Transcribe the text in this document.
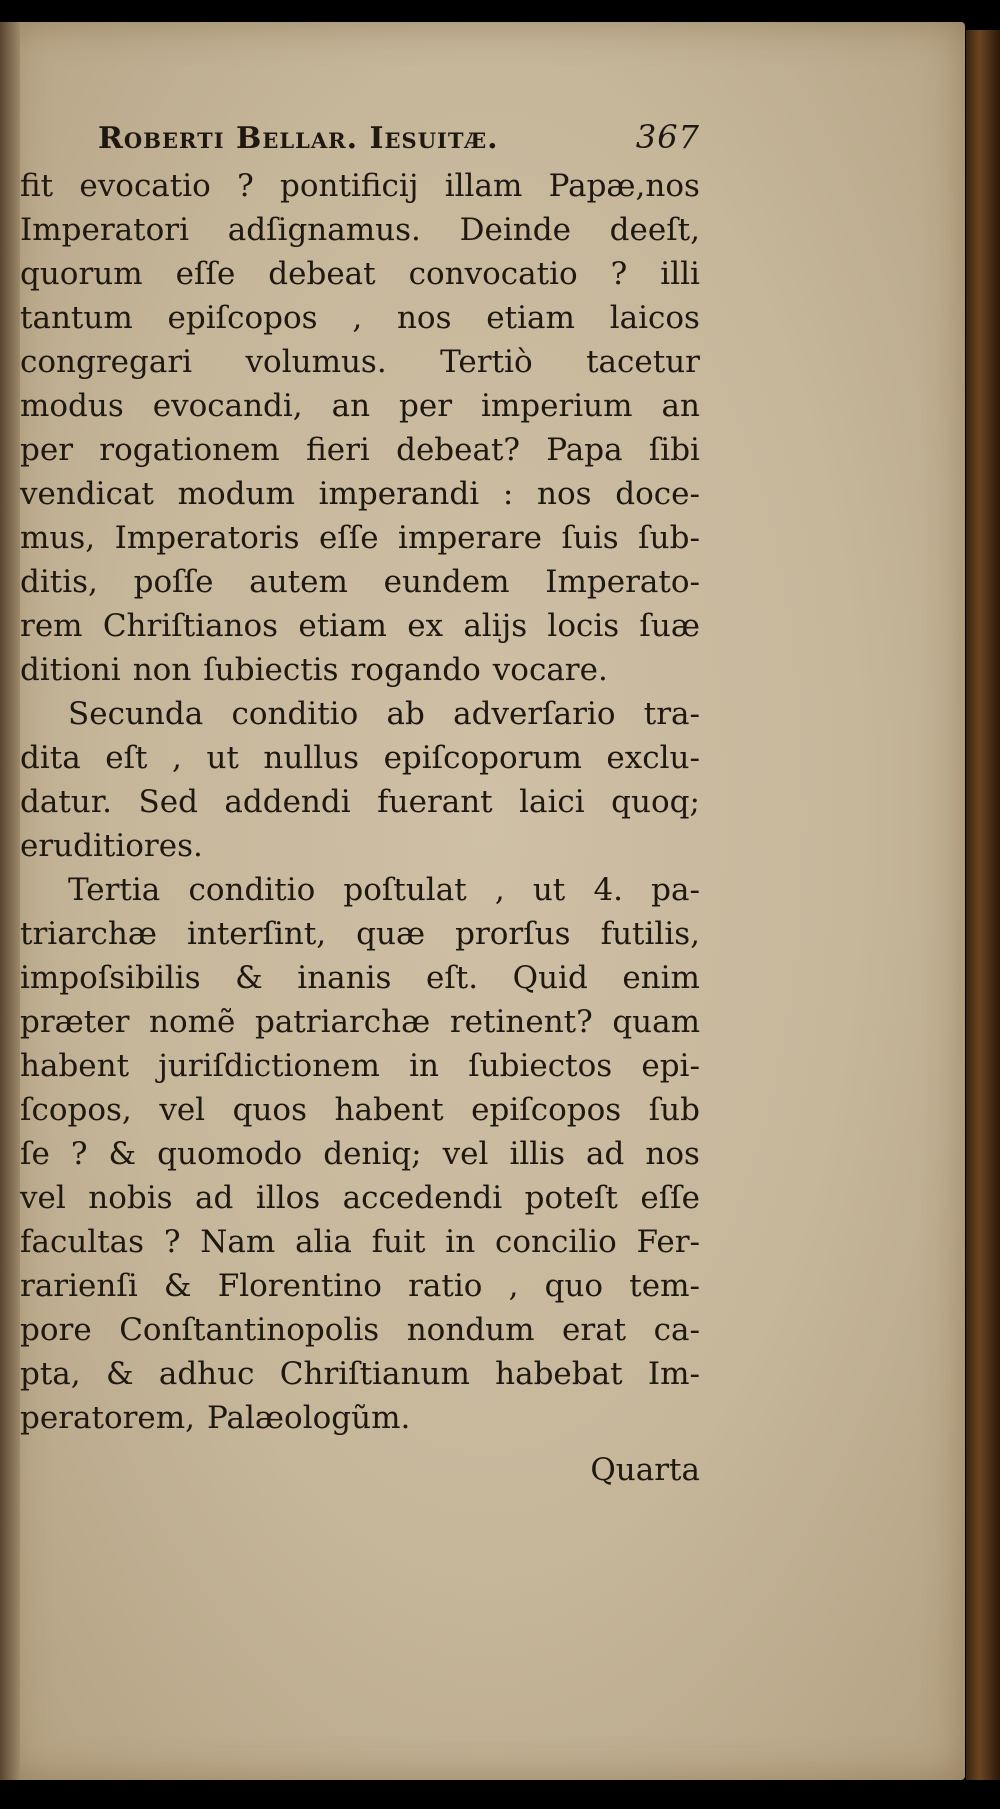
Roberti Bellar. Iesuitæ.	367
fit evocatio ? pontificij illam Papæ,nos
Imperatori adſignamus. Deinde deeſt,
quorum eſſe debeat convocatio ? illi
tantum epiſcopos , nos etiam laicos
congregari volumus. Tertiò tacetur
modus evocandi, an per imperium an
per rogationem fieri debeat? Papa ſibi
vendicat modum imperandi : nos doce-
mus, Imperatoris eſſe imperare ſuis ſub-
ditis, poſſe autem eundem Imperato-
rem Chriſtianos etiam ex alijs locis ſuæ
ditioni non ſubiectis rogando vocare.
Secunda conditio ab adverſario tra-
dita eſt , ut nullus epiſcoporum exclu-
datur. Sed addendi fuerant laici quoq;
eruditiores.
Tertia conditio poſtulat , ut 4. pa-
triarchæ interſint, quæ prorſus futilis,
impoſsibilis & inanis eſt. Quid enim
præter nomẽ patriarchæ retinent? quam
habent juriſdictionem in ſubiectos epi-
ſcopos, vel quos habent epiſcopos ſub
ſe ? & quomodo deniq; vel illis ad nos
vel nobis ad illos accedendi poteſt eſſe
facultas ? Nam alia fuit in concilio Fer-
rarienſi & Florentino ratio , quo tem-
pore Conſtantinopolis nondum erat ca-
pta, & adhuc Chriſtianum habebat Im-
peratorem, Palæologũm.
Quarta
